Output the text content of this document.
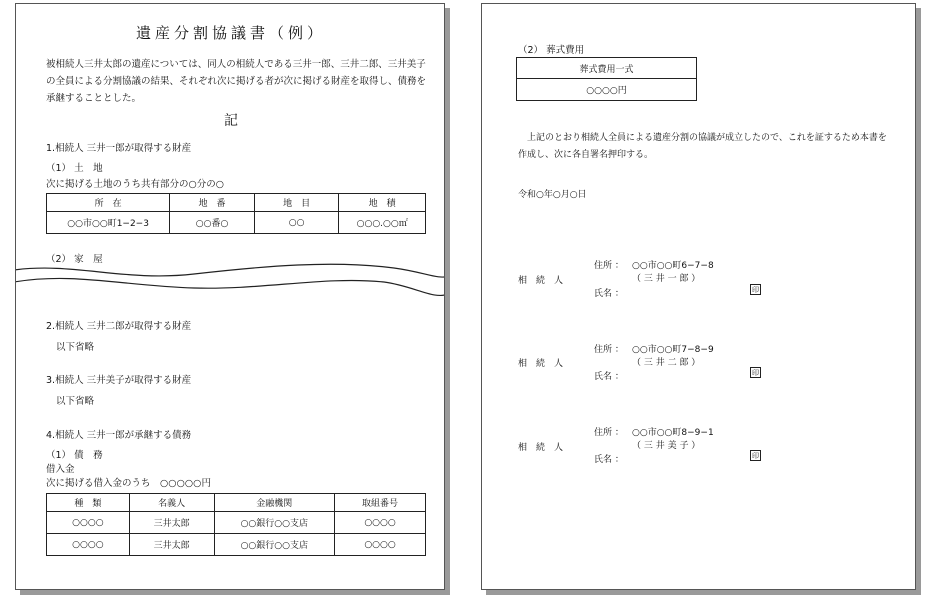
遺産分割協議書（例）
被相続人三井太郎の遺産については、同人の相続人である三井一郎、三井二郎、三井美子の全員による分割協議の結果、それぞれ次に掲げる者が次に掲げる財産を取得し、債務を承継することとした。
記
1.相続人 三井一郎が取得する財産
（1） 土　地
次に掲げる土地のうち共有部分の○分の○
所　在	地　番	地　目	地　積
○○市○○町1−2−3	○○番○	○○	○○○.○○㎡
（2） 家　屋
2.相続人 三井二郎が取得する財産
以下省略
3.相続人 三井美子が取得する財産
以下省略
4.相続人 三井一郎が承継する債務
（1） 債　務
借入金
次に掲げる借入金のうち　○○○○○円
種　類	名義人	金融機関	取組番号
○○○○	三井太郎	○○銀行○○支店	○○○○
○○○○	三井太郎	○○銀行○○支店	○○○○
（2） 葬式費用
葬式費用一式
○○○○円
上記のとおり相続人全員による遺産分割の協議が成立したので、これを証するため本書を作成し、次に各自署名押印する。
令和○年○月○日
住所 ： ○○市○○町6−7−8
相　続　人	（ 三 井 一 郎 ）
氏名 ：	印
住所 ： ○○市○○町7−8−9
相　続　人	（ 三 井 二 郎 ）
氏名 ：	印
住所 ： ○○市○○町8−9−1
相　続　人	（ 三 井 美 子 ）
氏名 ：	印
